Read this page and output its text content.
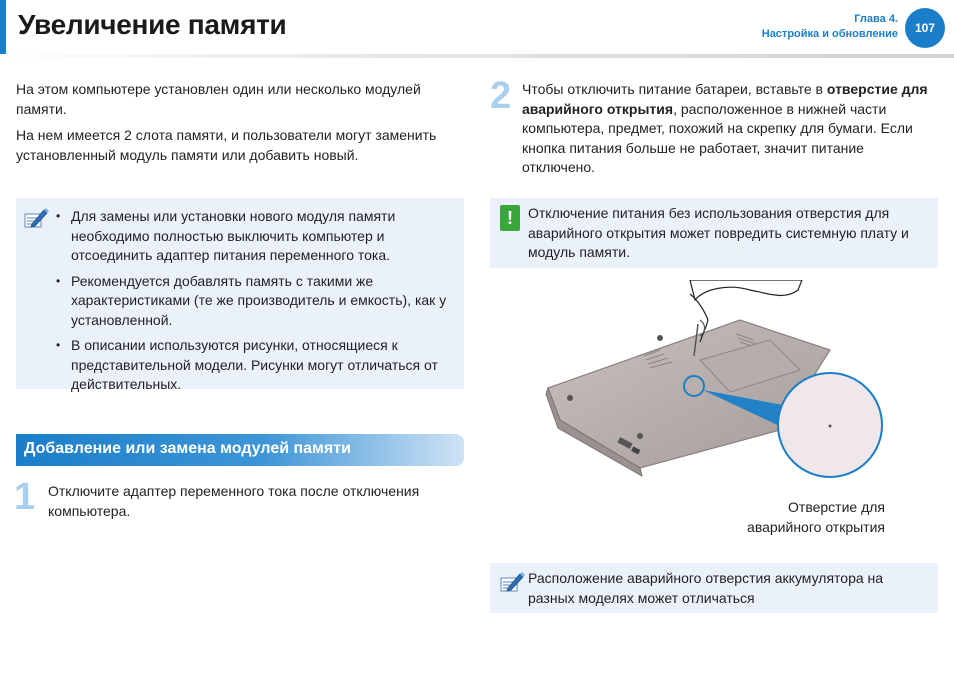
Увеличение памяти	Глава 4.
Настройка и обновление	107
На этом компьютере установлен один или несколько модулей памяти.
На нем имеется 2 слота памяти, и пользователи могут заменить установленный модуль памяти или добавить новый.
• Для замены или установки нового модуля памяти необходимо полностью выключить компьютер и отсоединить адаптер питания переменного тока.
• Рекомендуется добавлять память с такими же характеристиками (те же производитель и емкость), как у установленной.
• В описании используются рисунки, относящиеся к представительной модели. Рисунки могут отличаться от действительных.
Добавление или замена модулей памяти
1 Отключите адаптер переменного тока после отключения компьютера.
2 Чтобы отключить питание батареи, вставьте в отверстие для аварийного открытия, расположенное в нижней части компьютера, предмет, похожий на скрепку для бумаги. Если кнопка питания больше не работает, значит питание отключено.
!	Отключение питания без использования отверстия для аварийного открытия может повредить системную плату и модуль памяти.
Отверстие для
аварийного открытия
Расположение аварийного отверстия аккумулятора на разных моделях может отличаться
